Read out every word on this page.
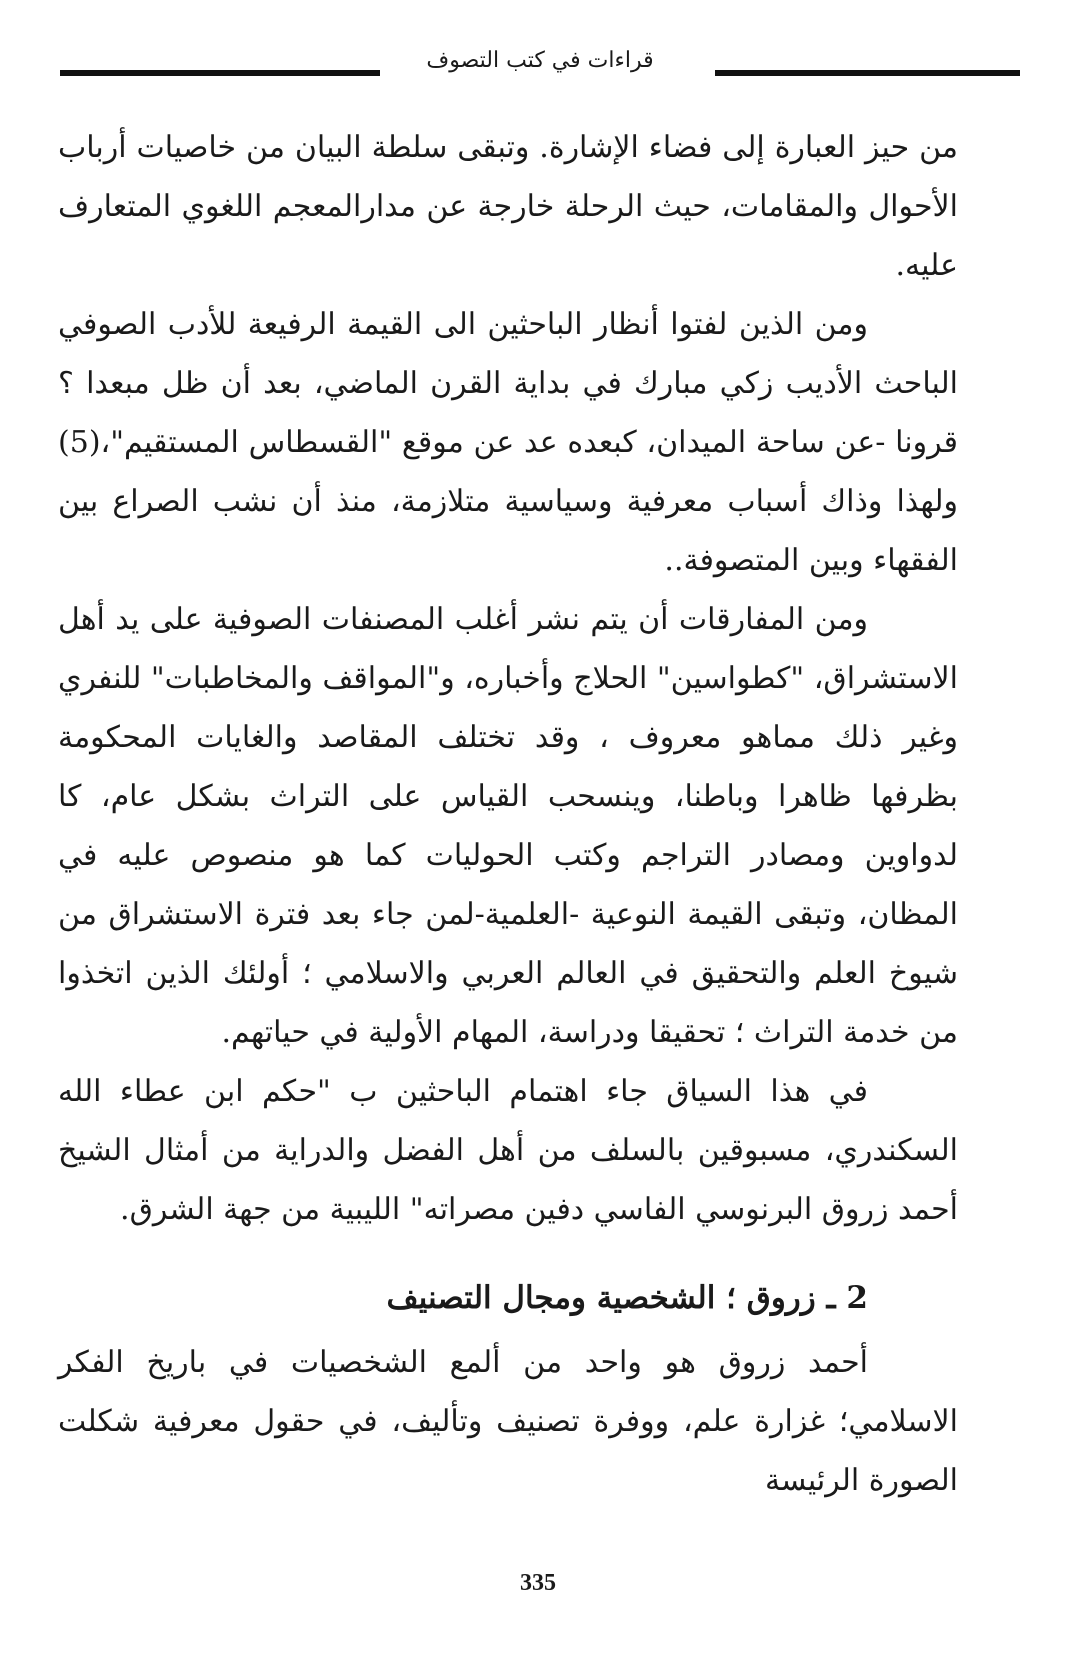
قراءات في كتب التصوف

من حيز العبارة إلى فضاء الإشارة. وتبقى سلطة البيان من خاصيات أرباب الأحوال والمقامات، حيث الرحلة خارجة عن مدارالمعجم اللغوي المتعارف عليه.

ومن الذين لفتوا أنظار الباحثين الى القيمة الرفيعة للأدب الصوفي الباحث الأديب زكي مبارك في بداية القرن الماضي، بعد أن ظل مبعدا ؟ قرونا -عن ساحة الميدان، كبعده عد عن موقع "القسطاس المستقيم"،(5) ولهذا وذاك أسباب معرفية وسياسية متلازمة، منذ أن نشب الصراع بين الفقهاء وبين المتصوفة..

ومن المفارقات أن يتم نشر أغلب المصنفات الصوفية على يد أهل الاستشراق، "كطواسين" الحلاج وأخباره، و"المواقف والمخاطبات" للنفري وغير ذلك مماهو معروف ، وقد تختلف المقاصد والغايات المحكومة بظرفها ظاهرا وباطنا، وينسحب القياس على التراث بشكل عام، كا لدواوين ومصادر التراجم وكتب الحوليات كما هو منصوص عليه في المظان، وتبقى القيمة النوعية -العلمية-لمن جاء بعد فترة الاستشراق من شيوخ العلم والتحقيق في العالم العربي والاسلامي ؛ أولئك الذين اتخذوا من خدمة التراث ؛ تحقيقا ودراسة، المهام الأولية في حياتهم.

في هذا السياق جاء اهتمام الباحثين ب "حكم ابن عطاء الله السكندري، مسبوقين بالسلف من أهل الفضل والدراية من أمثال الشيخ أحمد زروق البرنوسي الفاسي دفين مصراته" الليبية من جهة الشرق.

2 ـ زروق ؛ الشخصية ومجال التصنيف

أحمد زروق هو واحد من ألمع الشخصيات في باريخ الفكر الاسلامي؛ غزارة علم، ووفرة تصنيف وتأليف، في حقول معرفية شكلت الصورة الرئيسة

335
